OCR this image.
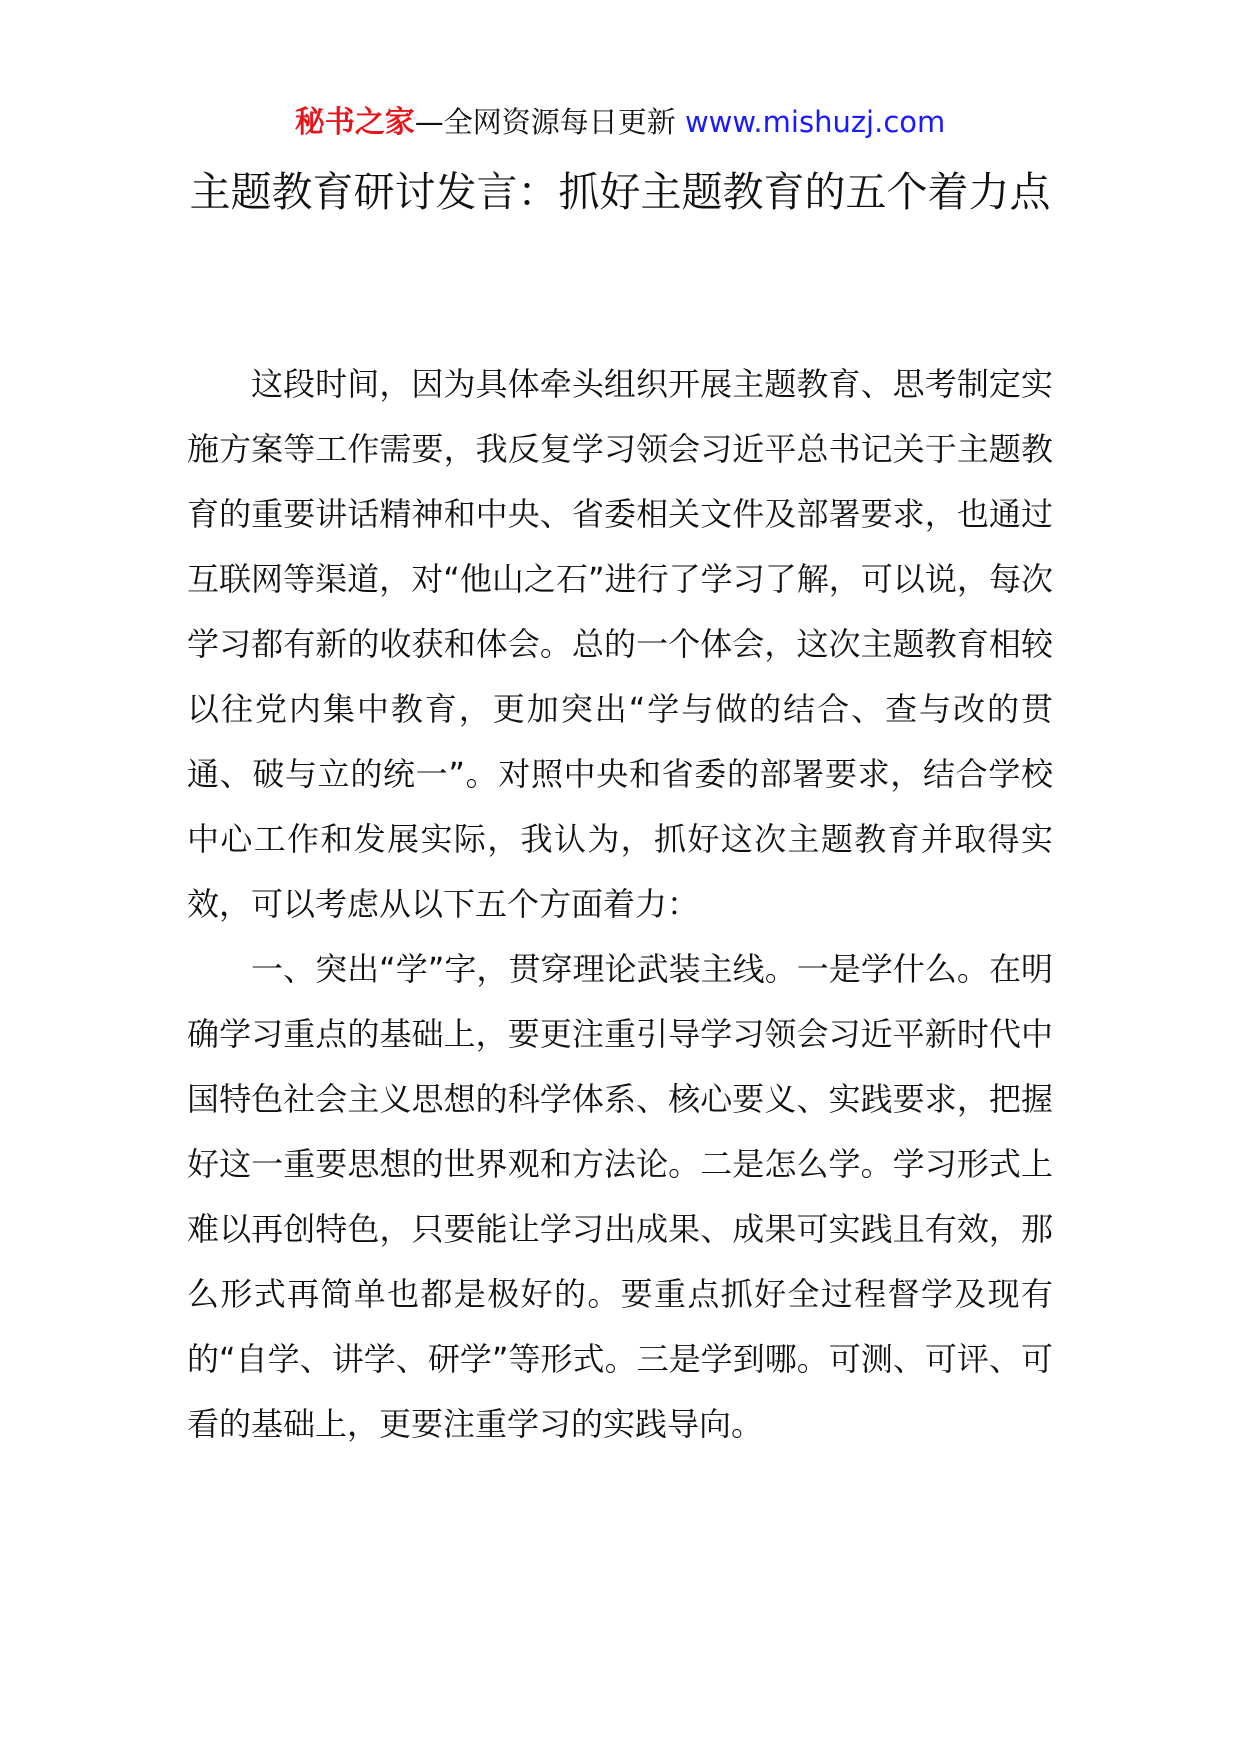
秘书之家—全网资源每日更新 www.mishuzj.com
主题教育研讨发言：抓好主题教育的五个着力点

这段时间，因为具体牵头组织开展主题教育、思考制定实施方案等工作需要，我反复学习领会习近平总书记关于主题教育的重要讲话精神和中央、省委相关文件及部署要求，也通过互联网等渠道，对“他山之石”进行了学习了解，可以说，每次学习都有新的收获和体会。总的一个体会，这次主题教育相较以往党内集中教育，更加突出“学与做的结合、查与改的贯通、破与立的统一”。对照中央和省委的部署要求，结合学校中心工作和发展实际，我认为，抓好这次主题教育并取得实效，可以考虑从以下五个方面着力：

一、突出“学”字，贯穿理论武装主线。一是学什么。在明确学习重点的基础上，要更注重引导学习领会习近平新时代中国特色社会主义思想的科学体系、核心要义、实践要求，把握好这一重要思想的世界观和方法论。二是怎么学。学习形式上难以再创特色，只要能让学习出成果、成果可实践且有效，那么形式再简单也都是极好的。要重点抓好全过程督学及现有的“自学、讲学、研学”等形式。三是学到哪。可测、可评、可看的基础上，更要注重学习的实践导向。
